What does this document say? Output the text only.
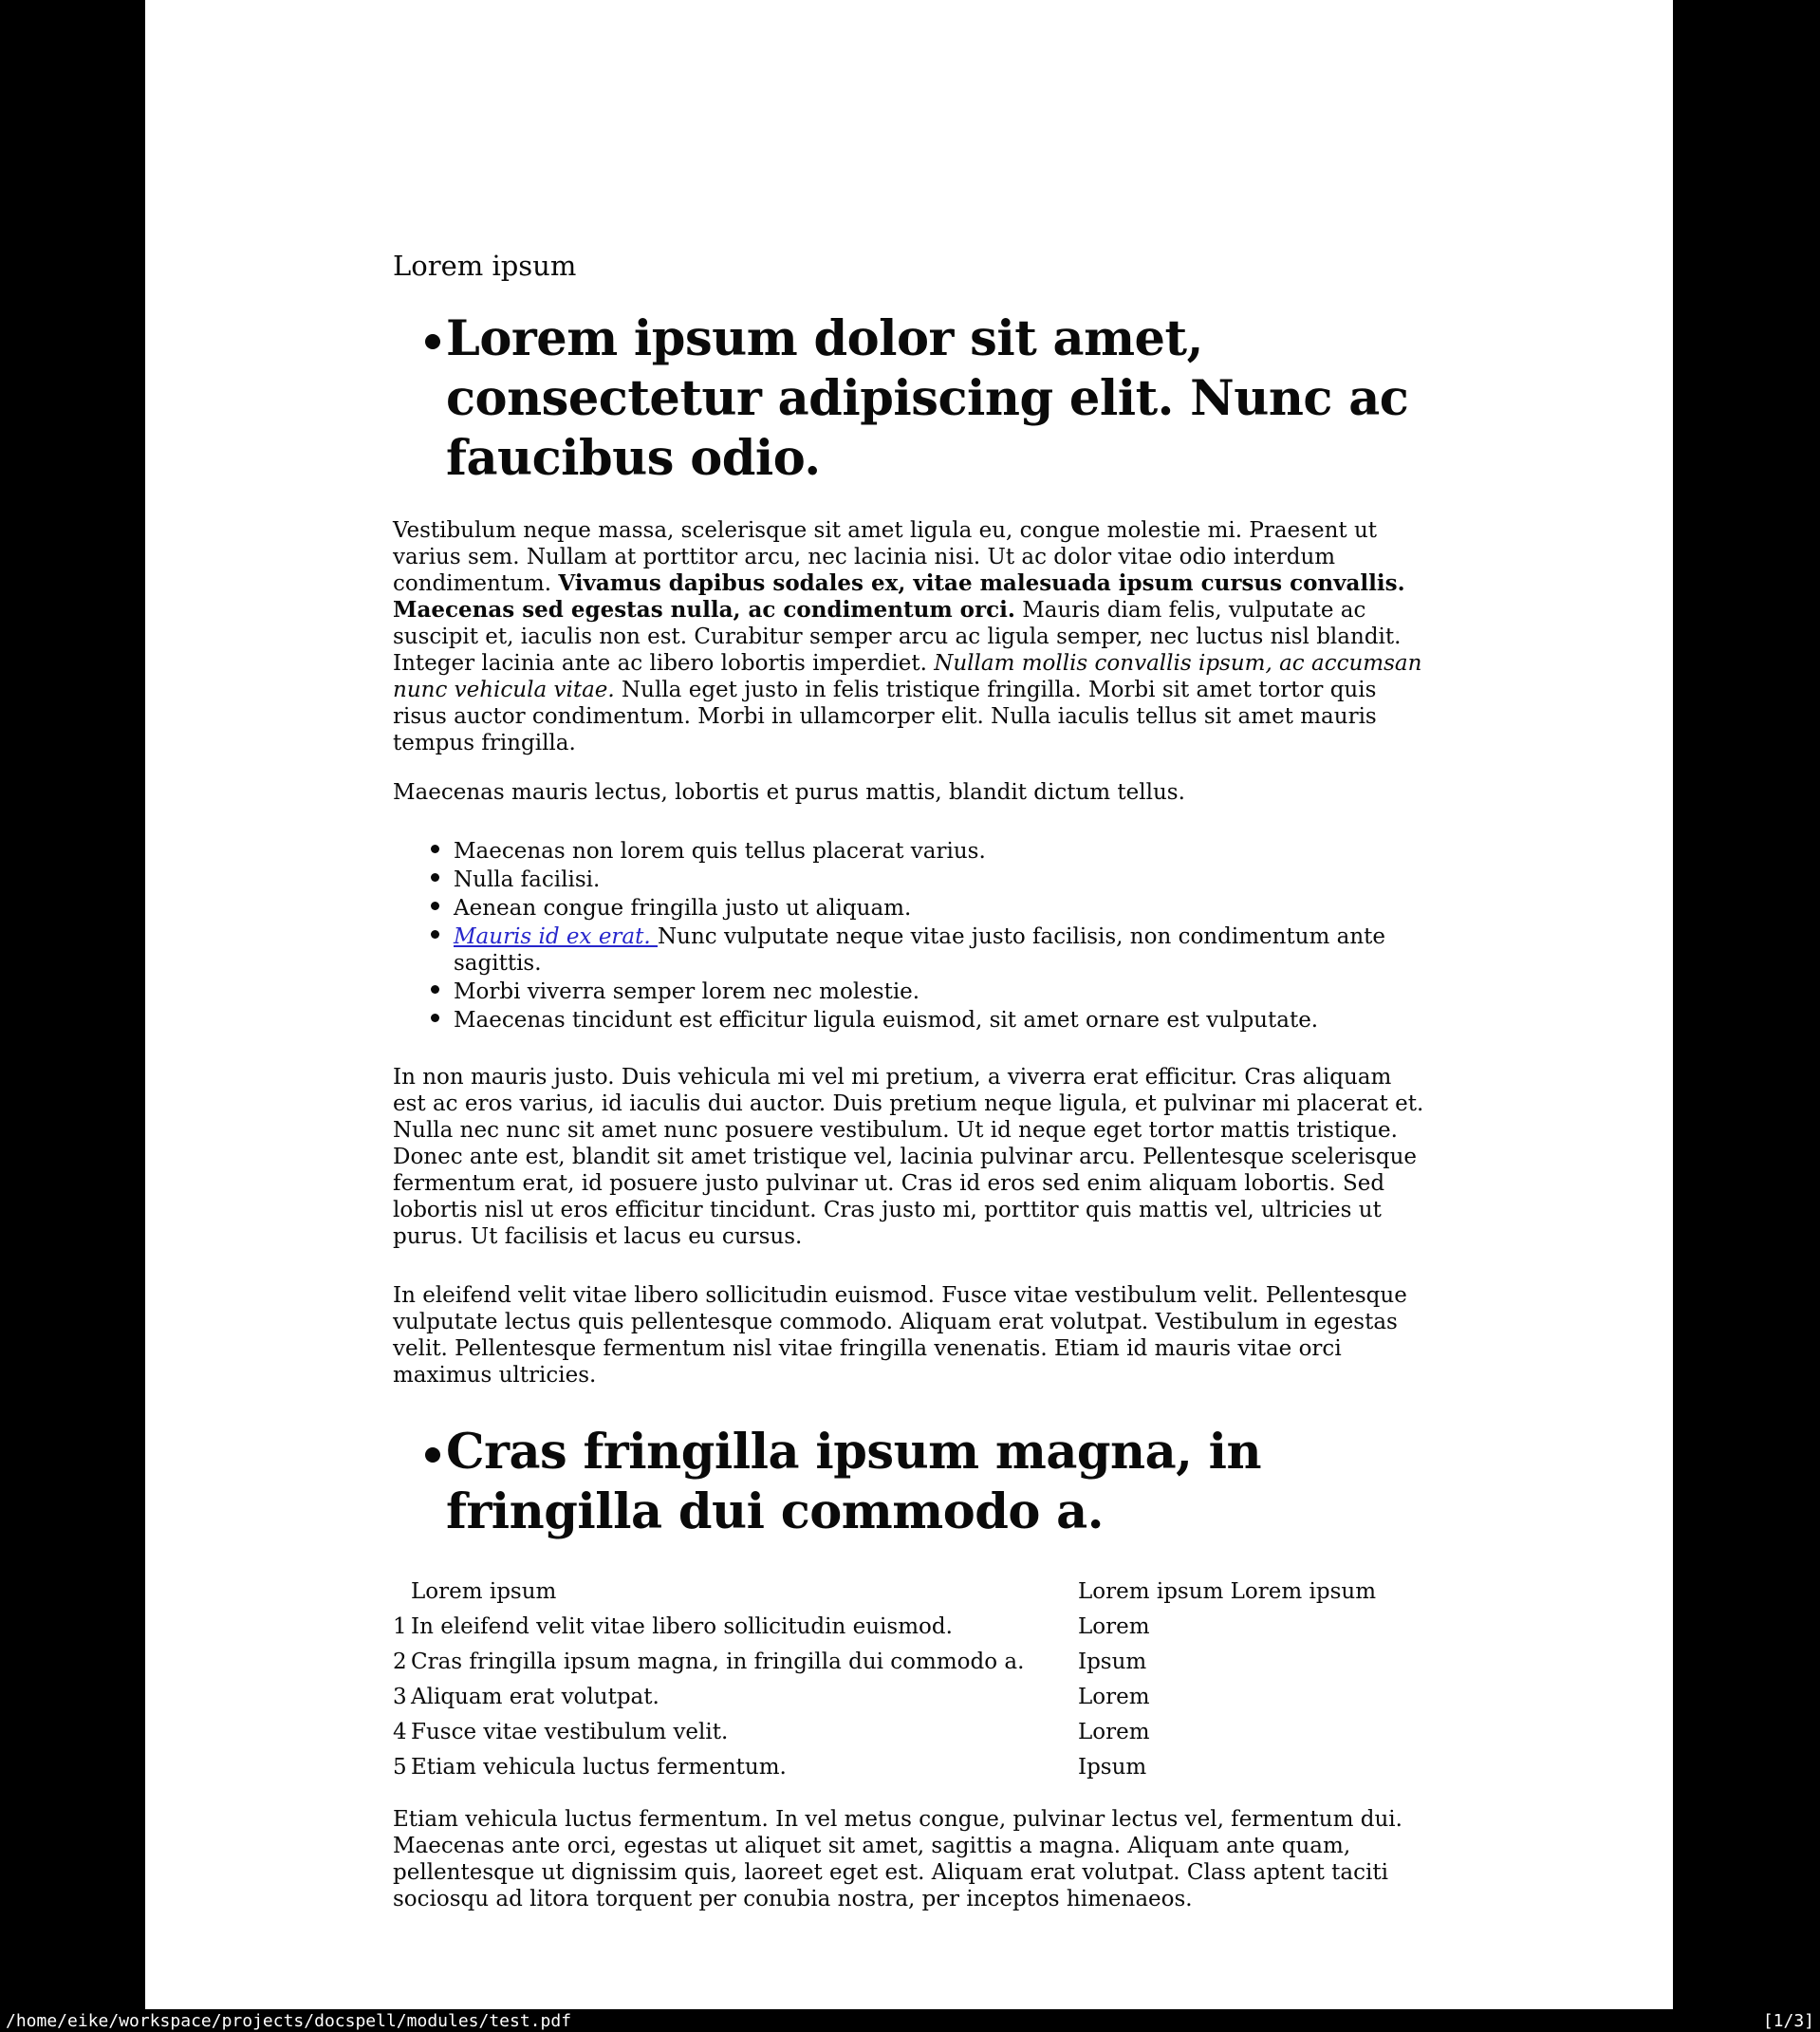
Lorem ipsum

Lorem ipsum dolor sit amet,
consectetur adipiscing elit. Nunc ac
faucibus odio.

Vestibulum neque massa, scelerisque sit amet ligula eu, congue molestie mi. Praesent ut varius sem. Nullam at porttitor arcu, nec lacinia nisi. Ut ac dolor vitae odio interdum condimentum. Vivamus dapibus sodales ex, vitae malesuada ipsum cursus convallis. Maecenas sed egestas nulla, ac condimentum orci. Mauris diam felis, vulputate ac suscipit et, iaculis non est. Curabitur semper arcu ac ligula semper, nec luctus nisl blandit. Integer lacinia ante ac libero lobortis imperdiet. Nullam mollis convallis ipsum, ac accumsan nunc vehicula vitae. Nulla eget justo in felis tristique fringilla. Morbi sit amet tortor quis risus auctor condimentum. Morbi in ullamcorper elit. Nulla iaculis tellus sit amet mauris tempus fringilla.

Maecenas mauris lectus, lobortis et purus mattis, blandit dictum tellus.

Maecenas non lorem quis tellus placerat varius.
Nulla facilisi.
Aenean congue fringilla justo ut aliquam.
Mauris id ex erat. Nunc vulputate neque vitae justo facilisis, non condimentum ante sagittis.
Morbi viverra semper lorem nec molestie.
Maecenas tincidunt est efficitur ligula euismod, sit amet ornare est vulputate.

In non mauris justo. Duis vehicula mi vel mi pretium, a viverra erat efficitur. Cras aliquam est ac eros varius, id iaculis dui auctor. Duis pretium neque ligula, et pulvinar mi placerat et. Nulla nec nunc sit amet nunc posuere vestibulum. Ut id neque eget tortor mattis tristique. Donec ante est, blandit sit amet tristique vel, lacinia pulvinar arcu. Pellentesque scelerisque fermentum erat, id posuere justo pulvinar ut. Cras id eros sed enim aliquam lobortis. Sed lobortis nisl ut eros efficitur tincidunt. Cras justo mi, porttitor quis mattis vel, ultricies ut purus. Ut facilisis et lacus eu cursus.

In eleifend velit vitae libero sollicitudin euismod. Fusce vitae vestibulum velit. Pellentesque vulputate lectus quis pellentesque commodo. Aliquam erat volutpat. Vestibulum in egestas velit. Pellentesque fermentum nisl vitae fringilla venenatis. Etiam id mauris vitae orci maximus ultricies.

Cras fringilla ipsum magna, in
fringilla dui commodo a.
Lorem ipsum	Lorem ipsum Lorem ipsum
1 In eleifend velit vitae libero sollicitudin euismod.	Lorem
2 Cras fringilla ipsum magna, in fringilla dui commodo a.	Ipsum
3 Aliquam erat volutpat.	Lorem
4 Fusce vitae vestibulum velit.	Lorem
5 Etiam vehicula luctus fermentum.	Ipsum

Etiam vehicula luctus fermentum. In vel metus congue, pulvinar lectus vel, fermentum dui. Maecenas ante orci, egestas ut aliquet sit amet, sagittis a magna. Aliquam ante quam, pellentesque ut dignissim quis, laoreet eget est. Aliquam erat volutpat. Class aptent taciti sociosqu ad litora torquent per conubia nostra, per inceptos himenaeos.

/home/eike/workspace/projects/docspell/modules/test.pdf	[1/3]
